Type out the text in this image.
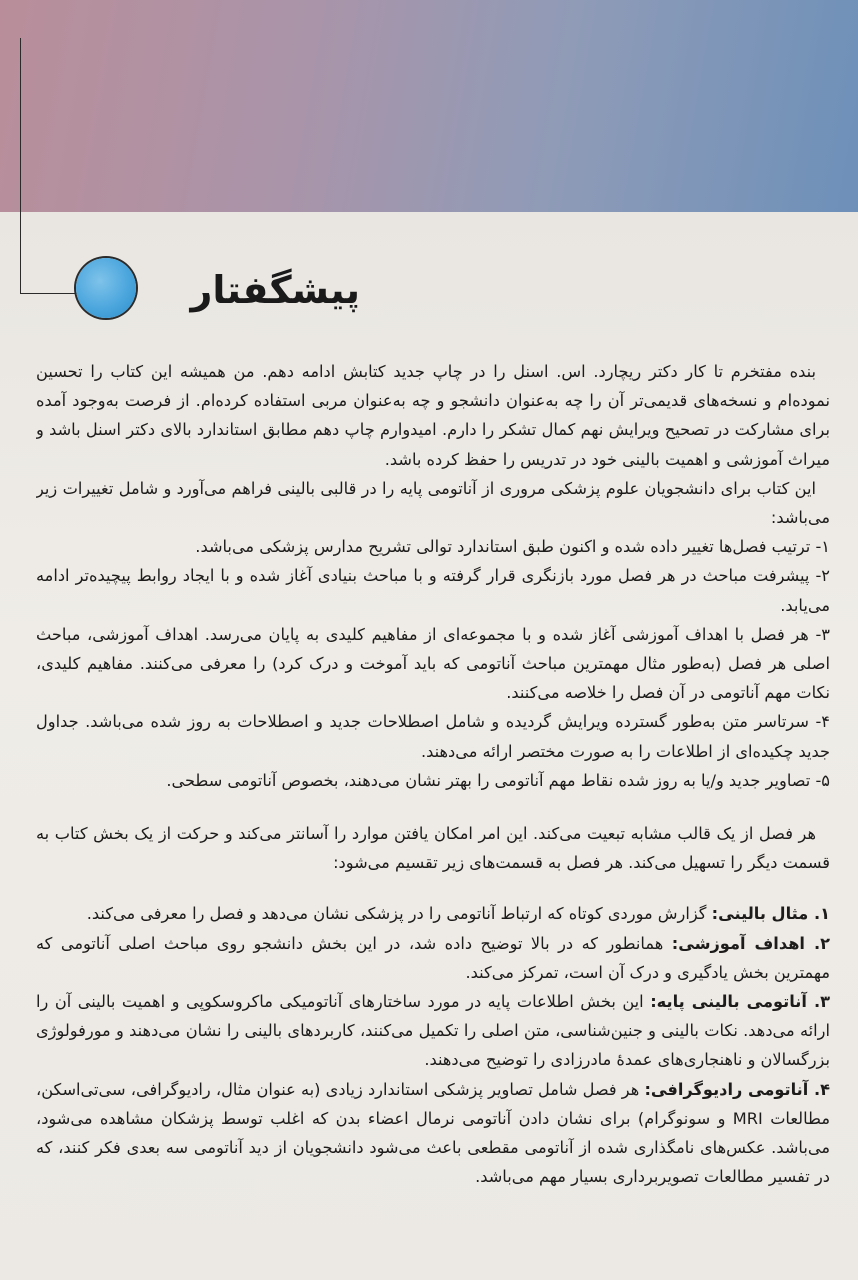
پیشگفتار

بنده مفتخرم تا کار دکتر ریچارد. اس. اسنل را در چاپ جدید کتابش ادامه دهم. من همیشه این کتاب را تحسین نموده‌ام و نسخه‌های قدیمی‌تر آن را چه به‌عنوان دانشجو و چه به‌عنوان مربی استفاده کرده‌ام. از فرصت به‌وجود آمده برای مشارکت در تصحیح ویرایش نهم کمال تشکر را دارم. امیدوارم چاپ دهم مطابق استاندارد بالای دکتر اسنل باشد و میراث آموزشی و اهمیت بالینی خود در تدریس را حفظ کرده باشد.

این کتاب برای دانشجویان علوم پزشکی مروری از آناتومی پایه را در قالبی بالینی فراهم می‌آورد و شامل تغییرات زیر می‌باشد:

۱- ترتیب فصل‌ها تغییر داده شده و اکنون طبق استاندارد توالی تشریح مدارس پزشکی می‌باشد.

۲- پیشرفت مباحث در هر فصل مورد بازنگری قرار گرفته و با مباحث بنیادی آغاز شده و با ایجاد روابط پیچیده‌تر ادامه می‌یابد.

۳- هر فصل با اهداف آموزشی آغاز شده و با مجموعه‌ای از مفاهیم کلیدی به پایان می‌رسد. اهداف آموزشی، مباحث اصلی هر فصل (به‌طور مثال مهمترین مباحث آناتومی که باید آموخت و درک کرد) را معرفی می‌کنند. مفاهیم کلیدی، نکات مهم آناتومی در آن فصل را خلاصه می‌کنند.

۴- سرتاسر متن به‌طور گسترده ویرایش گردیده و شامل اصطلاحات جدید و اصطلاحات به روز شده می‌باشد. جداول جدید چکیده‌ای از اطلاعات را به صورت مختصر ارائه می‌دهند.

۵- تصاویر جدید و/یا به روز شده نقاط مهم آناتومی را بهتر نشان می‌دهند، بخصوص آناتومی سطحی.

هر فصل از یک قالب مشابه تبعیت می‌کند. این امر امکان یافتن موارد را آسانتر می‌کند و حرکت از یک بخش کتاب به قسمت دیگر را تسهیل می‌کند. هر فصل به قسمت‌های زیر تقسیم می‌شود:

۱. مثال بالینی: گزارش موردی کوتاه که ارتباط آناتومی را در پزشکی نشان می‌دهد و فصل را معرفی می‌کند.

۲. اهداف آموزشی: همانطور که در بالا توضیح داده شد، در این بخش دانشجو روی مباحث اصلی آناتومی که مهمترین بخش یادگیری و درک آن است، تمرکز می‌کند.

۳. آناتومی بالینی پایه: این بخش اطلاعات پایه در مورد ساختارهای آناتومیکی ماکروسکوپی و اهمیت بالینی آن را ارائه می‌دهد. نکات بالینی و جنین‌شناسی، متن اصلی را تکمیل می‌کنند، کاربردهای بالینی را نشان می‌دهند و مورفولوژی بزرگسالان و ناهنجاری‌های عمدهٔ مادرزادی را توضیح می‌دهند.

۴. آناتومی رادیوگرافی: هر فصل شامل تصاویر پزشکی استاندارد زیادی (به عنوان مثال، رادیوگرافی، سی‌تی‌اسکن، مطالعات MRI و سونوگرام) برای نشان دادن آناتومی نرمال اعضاء بدن که اغلب توسط پزشکان مشاهده می‌شود، می‌باشد. عکس‌های نامگذاری شده از آناتومی مقطعی باعث می‌شود دانشجویان از دید آناتومی سه بعدی فکر کنند، که در تفسیر مطالعات تصویربرداری بسیار مهم می‌باشد.
